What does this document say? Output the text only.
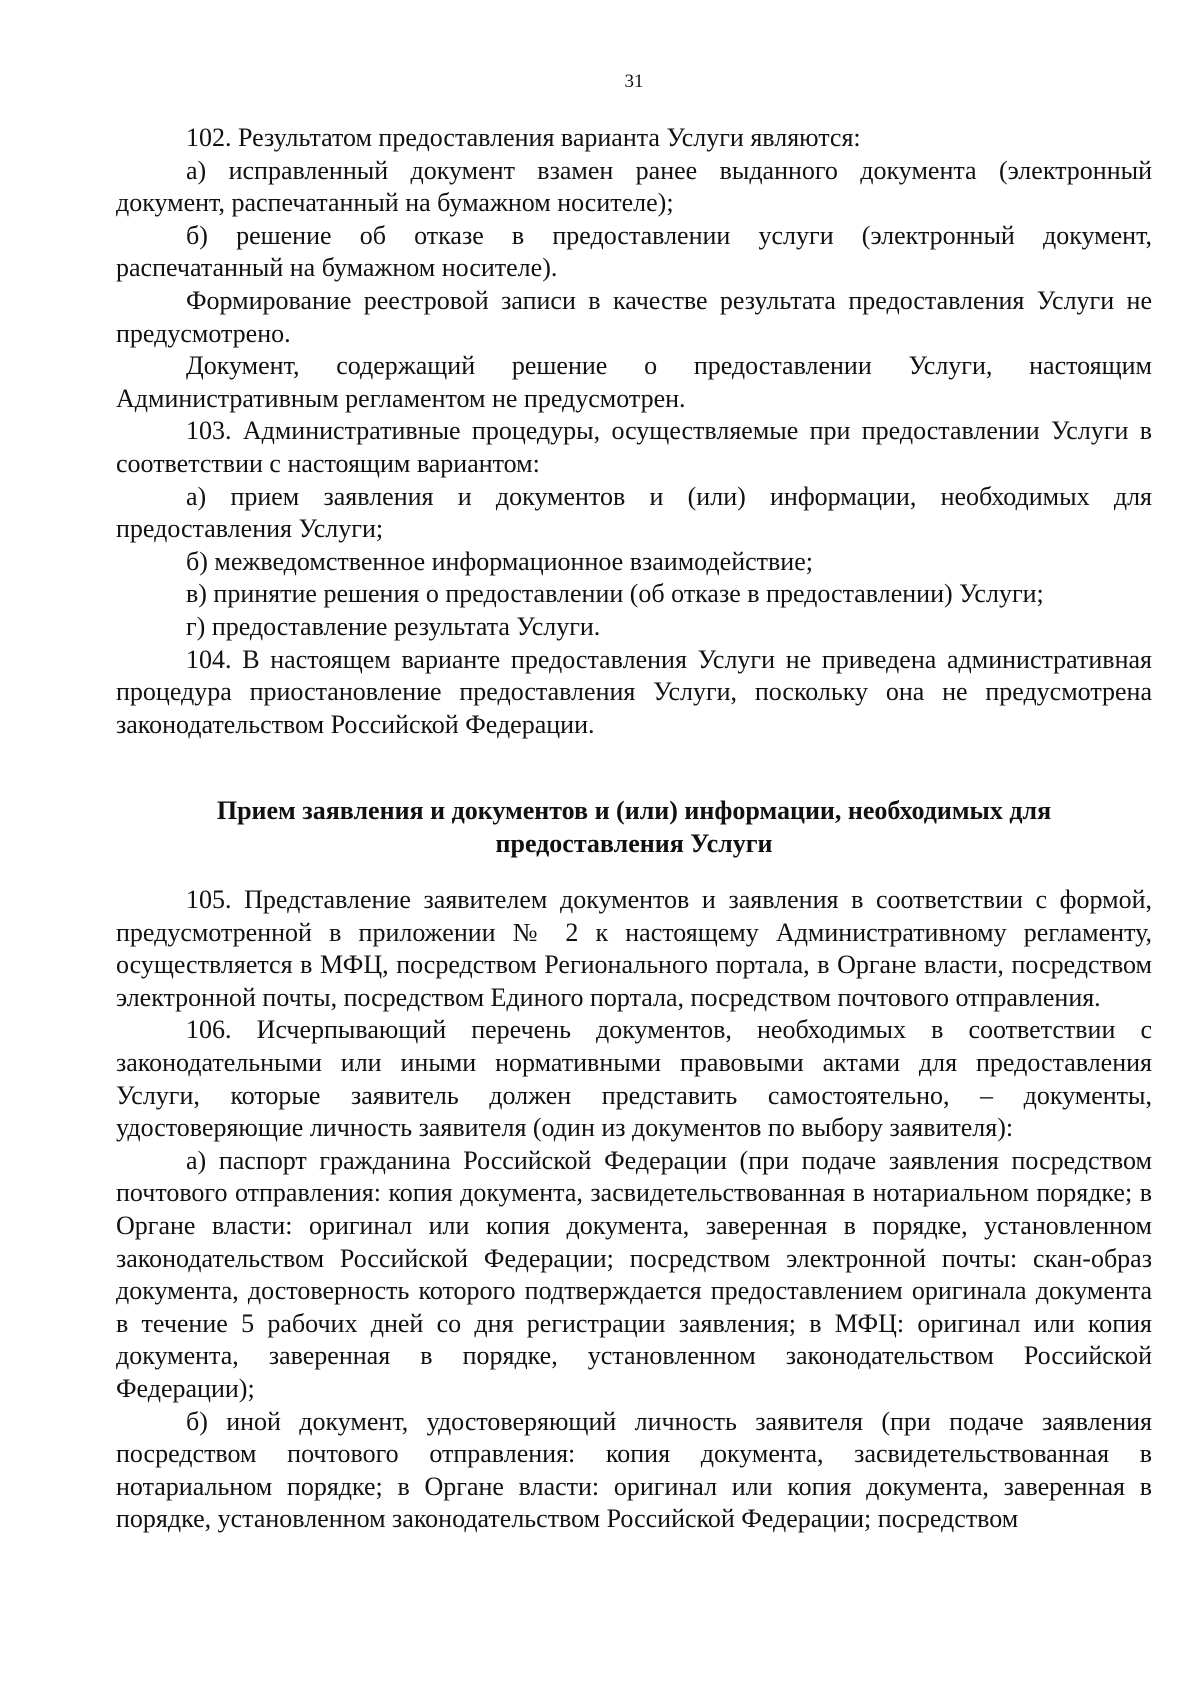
31

102. Результатом предоставления варианта Услуги являются:

а) исправленный документ взамен ранее выданного документа (электронный документ, распечатанный на бумажном носителе);

б) решение об отказе в предоставлении услуги (электронный документ, распечатанный на бумажном носителе).

Формирование реестровой записи в качестве результата предоставления Услуги не предусмотрено.

Документ, содержащий решение о предоставлении Услуги, настоящим Административным регламентом не предусмотрен.

103. Административные процедуры, осуществляемые при предоставлении Услуги в соответствии с настоящим вариантом:

а) прием заявления и документов и (или) информации, необходимых для предоставления Услуги;

б) межведомственное информационное взаимодействие;

в) принятие решения о предоставлении (об отказе в предоставлении) Услуги;

г) предоставление результата Услуги.

104. В настоящем варианте предоставления Услуги не приведена административная процедура приостановление предоставления Услуги, поскольку она не предусмотрена законодательством Российской Федерации.

Прием заявления и документов и (или) информации, необходимых для
предоставления Услуги

105. Представление заявителем документов и заявления в соответствии с формой, предусмотренной в приложении № 2 к настоящему Административному регламенту, осуществляется в МФЦ, посредством Регионального портала, в Органе власти, посредством электронной почты, посредством Единого портала, посредством почтового отправления.

106. Исчерпывающий перечень документов, необходимых в соответствии с законодательными или иными нормативными правовыми актами для предоставления Услуги, которые заявитель должен представить самостоятельно, – документы, удостоверяющие личность заявителя (один из документов по выбору заявителя):

а) паспорт гражданина Российской Федерации (при подаче заявления посредством почтового отправления: копия документа, засвидетельствованная в нотариальном порядке; в Органе власти: оригинал или копия документа, заверенная в порядке, установленном законодательством Российской Федерации; посредством электронной почты: скан-образ документа, достоверность которого подтверждается предоставлением оригинала документа в течение 5 рабочих дней со дня регистрации заявления; в МФЦ: оригинал или копия документа, заверенная в порядке, установленном законодательством Российской Федерации);

б) иной документ, удостоверяющий личность заявителя (при подаче заявления посредством почтового отправления: копия документа, засвидетельствованная в нотариальном порядке; в Органе власти: оригинал или копия документа, заверенная в порядке, установленном законодательством Российской Федерации; посредством
